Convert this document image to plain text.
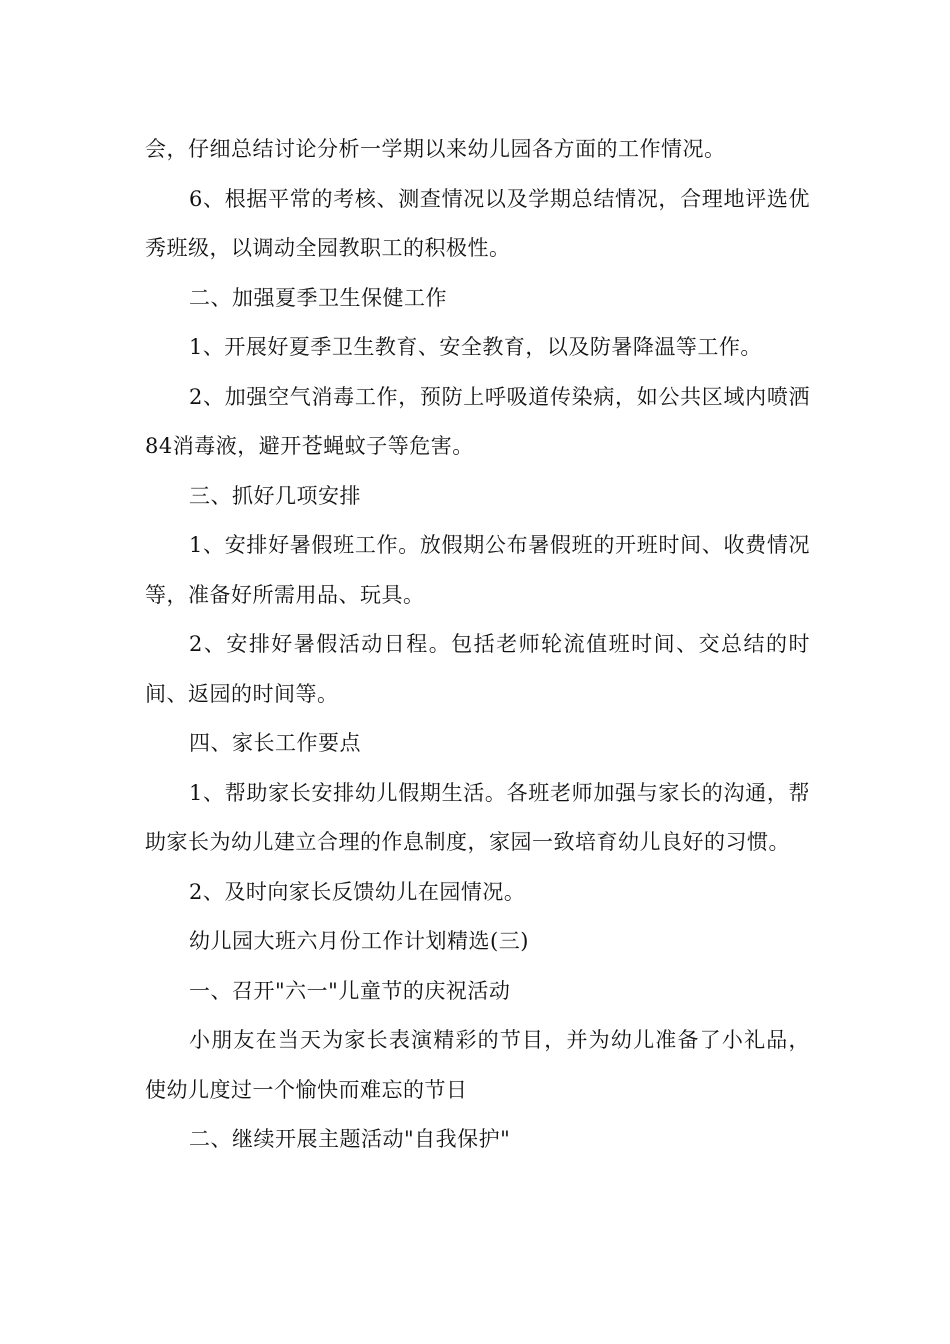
会，仔细总结讨论分析一学期以来幼儿园各方面的工作情况。

6、根据平常的考核、测查情况以及学期总结情况，合理地评选优秀班级，以调动全园教职工的积极性。

二、加强夏季卫生保健工作

1、开展好夏季卫生教育、安全教育，以及防暑降温等工作。

2、加强空气消毒工作，预防上呼吸道传染病，如公共区域内喷洒84消毒液，避开苍蝇蚊子等危害。

三、抓好几项安排

1、安排好暑假班工作。放假期公布暑假班的开班时间、收费情况等，准备好所需用品、玩具。

2、安排好暑假活动日程。包括老师轮流值班时间、交总结的时间、返园的时间等。

四、家长工作要点

1、帮助家长安排幼儿假期生活。各班老师加强与家长的沟通，帮助家长为幼儿建立合理的作息制度，家园一致培育幼儿良好的习惯。

2、及时向家长反馈幼儿在园情况。

幼儿园大班六月份工作计划精选(三)

一、召开"六一"儿童节的庆祝活动

小朋友在当天为家长表演精彩的节目，并为幼儿准备了小礼品，使幼儿度过一个愉快而难忘的节日

二、继续开展主题活动"自我保护"
